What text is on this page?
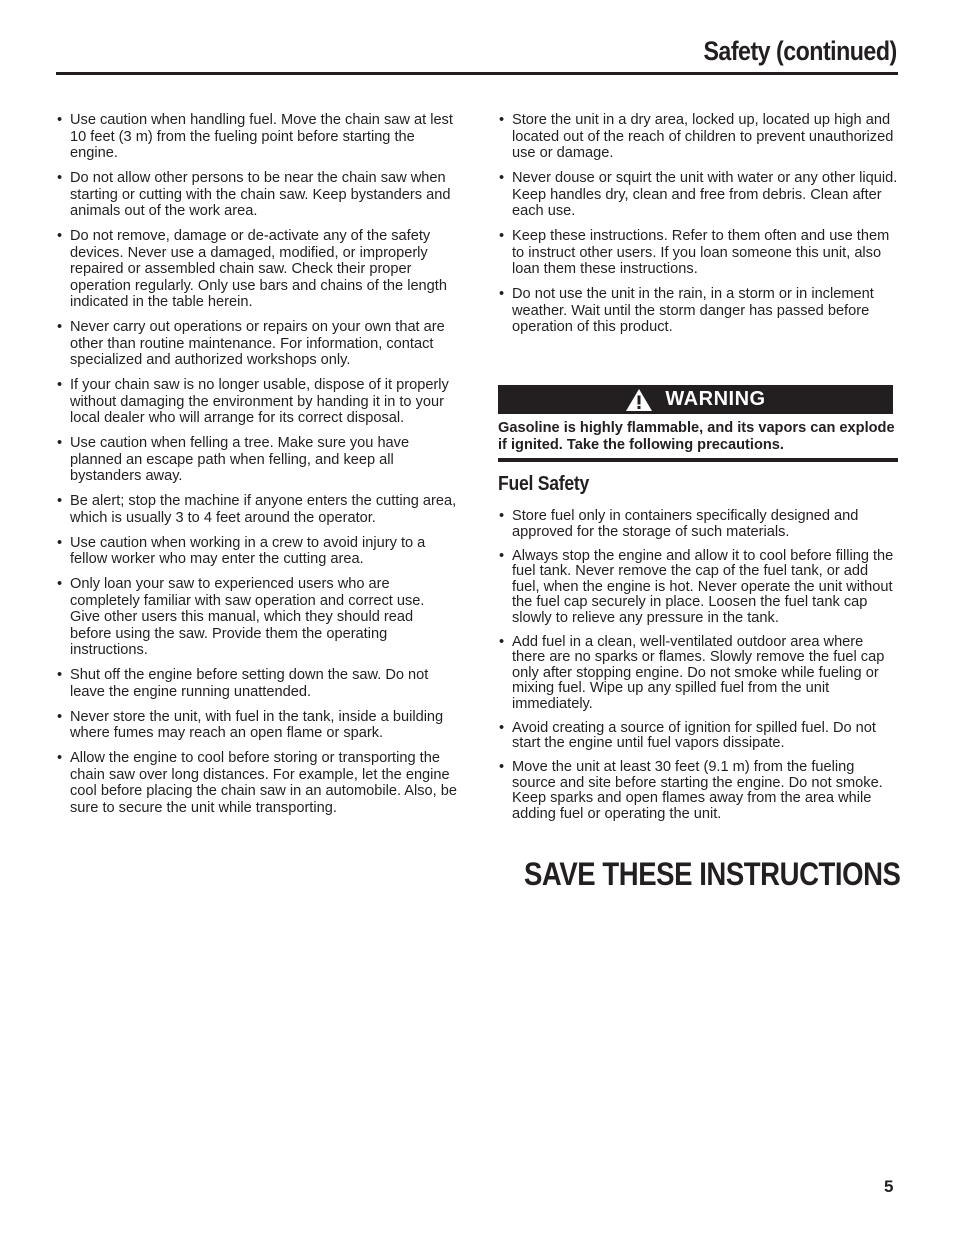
Safety (continued)
• Use caution when handling fuel. Move the chain saw at lest 10 feet (3 m) from the fueling point before starting the engine.
• Do not allow other persons to be near the chain saw when starting or cutting with the chain saw. Keep bystanders and animals out of the work area.
• Do not remove, damage or de-activate any of the safety devices. Never use a damaged, modified, or improperly repaired or assembled chain saw. Check their proper operation regularly. Only use bars and chains of the length indicated in the table herein.
• Never carry out operations or repairs on your own that are other than routine maintenance. For information, contact specialized and authorized workshops only.
• If your chain saw is no longer usable, dispose of it properly without damaging the environment by handing it in to your local dealer who will arrange for its correct disposal.
• Use caution when felling a tree. Make sure you have planned an escape path when felling, and keep all bystanders away.
• Be alert; stop the machine if anyone enters the cutting area, which is usually 3 to 4 feet around the operator.
• Use caution when working in a crew to avoid injury to a fellow worker who may enter the cutting area.
• Only loan your saw to experienced users who are completely familiar with saw operation and correct use. Give other users this manual, which they should read before using the saw. Provide them the operating instructions.
• Shut off the engine before setting down the saw. Do not leave the engine running unattended.
• Never store the unit, with fuel in the tank, inside a building where fumes may reach an open flame or spark.
• Allow the engine to cool before storing or transporting the chain saw over long distances. For example, let the engine cool before placing the chain saw in an automobile. Also, be sure to secure the unit while transporting.
• Store the unit in a dry area, locked up, located up high and located out of the reach of children to prevent unauthorized use or damage.
• Never douse or squirt the unit with water or any other liquid. Keep handles dry, clean and free from debris. Clean after each use.
• Keep these instructions. Refer to them often and use them to instruct other users. If you loan someone this unit, also loan them these instructions.
• Do not use the unit in the rain, in a storm or in inclement weather. Wait until the storm danger has passed before operation of this product.
WARNING

Gasoline is highly flammable, and its vapors can explode if ignited. Take the following precautions.

Fuel Safety
• Store fuel only in containers specifically designed and approved for the storage of such materials.
• Always stop the engine and allow it to cool before filling the fuel tank. Never remove the cap of the fuel tank, or add fuel, when the engine is hot. Never operate the unit without the fuel cap securely in place. Loosen the fuel tank cap slowly to relieve any pressure in the tank.
• Add fuel in a clean, well-ventilated outdoor area where there are no sparks or flames. Slowly remove the fuel cap only after stopping engine. Do not smoke while fueling or mixing fuel. Wipe up any spilled fuel from the unit immediately.
• Avoid creating a source of ignition for spilled fuel. Do not start the engine until fuel vapors dissipate.
• Move the unit at least 30 feet (9.1 m) from the fueling source and site before starting the engine. Do not smoke. Keep sparks and open flames away from the area while adding fuel or operating the unit.
SAVE THESE INSTRUCTIONS
5
